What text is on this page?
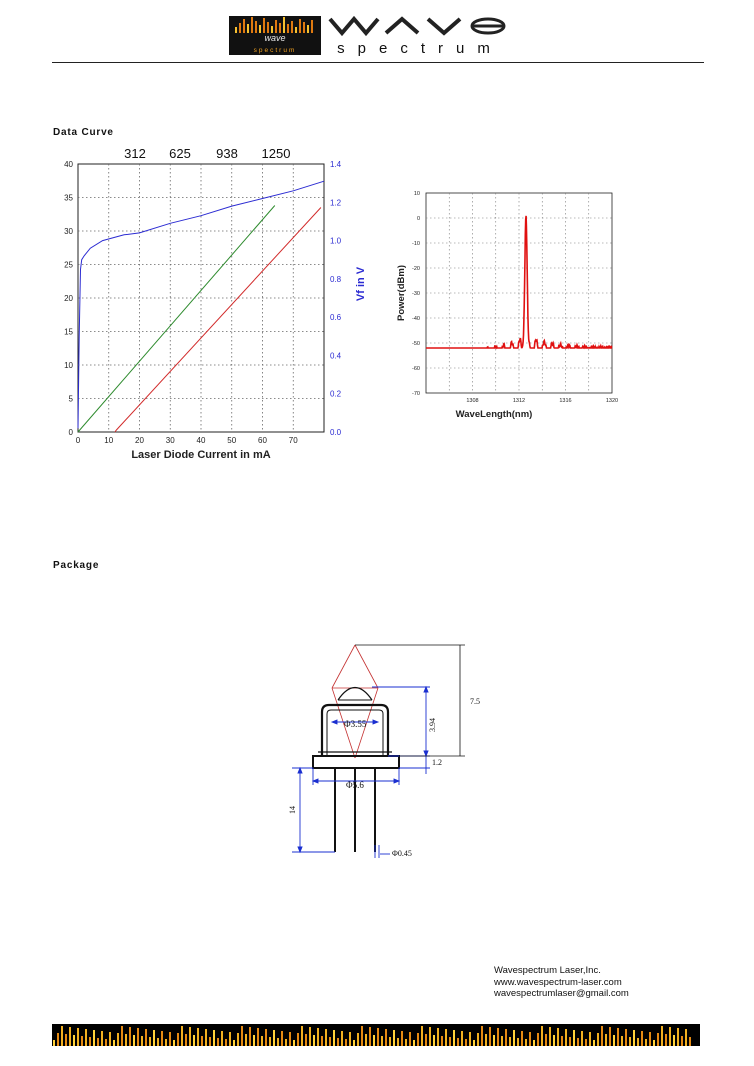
wave
spectrum	spectrum
Data Curve
Package
0	10	20	30	40	50	60	70
0
5
10
15
20
25
30
35
40
0.0
0.2
0.4
0.6
0.8
1.0
1.2
1.4
312 625 938 1250
Laser Diode Current in mA
Vf in V
1308	1312	1316	1320
10
0
-10
-20
-30
-40
-50
-60
-70
WaveLength(nm)
Power(dBm)
Φ3.55
Φ5.6
Φ0.45
3.94
1.2
7.5
14
Wavespectrum Laser,Inc.
www.wavespectrum-laser.com
wavespectrumlaser@gmail.com
